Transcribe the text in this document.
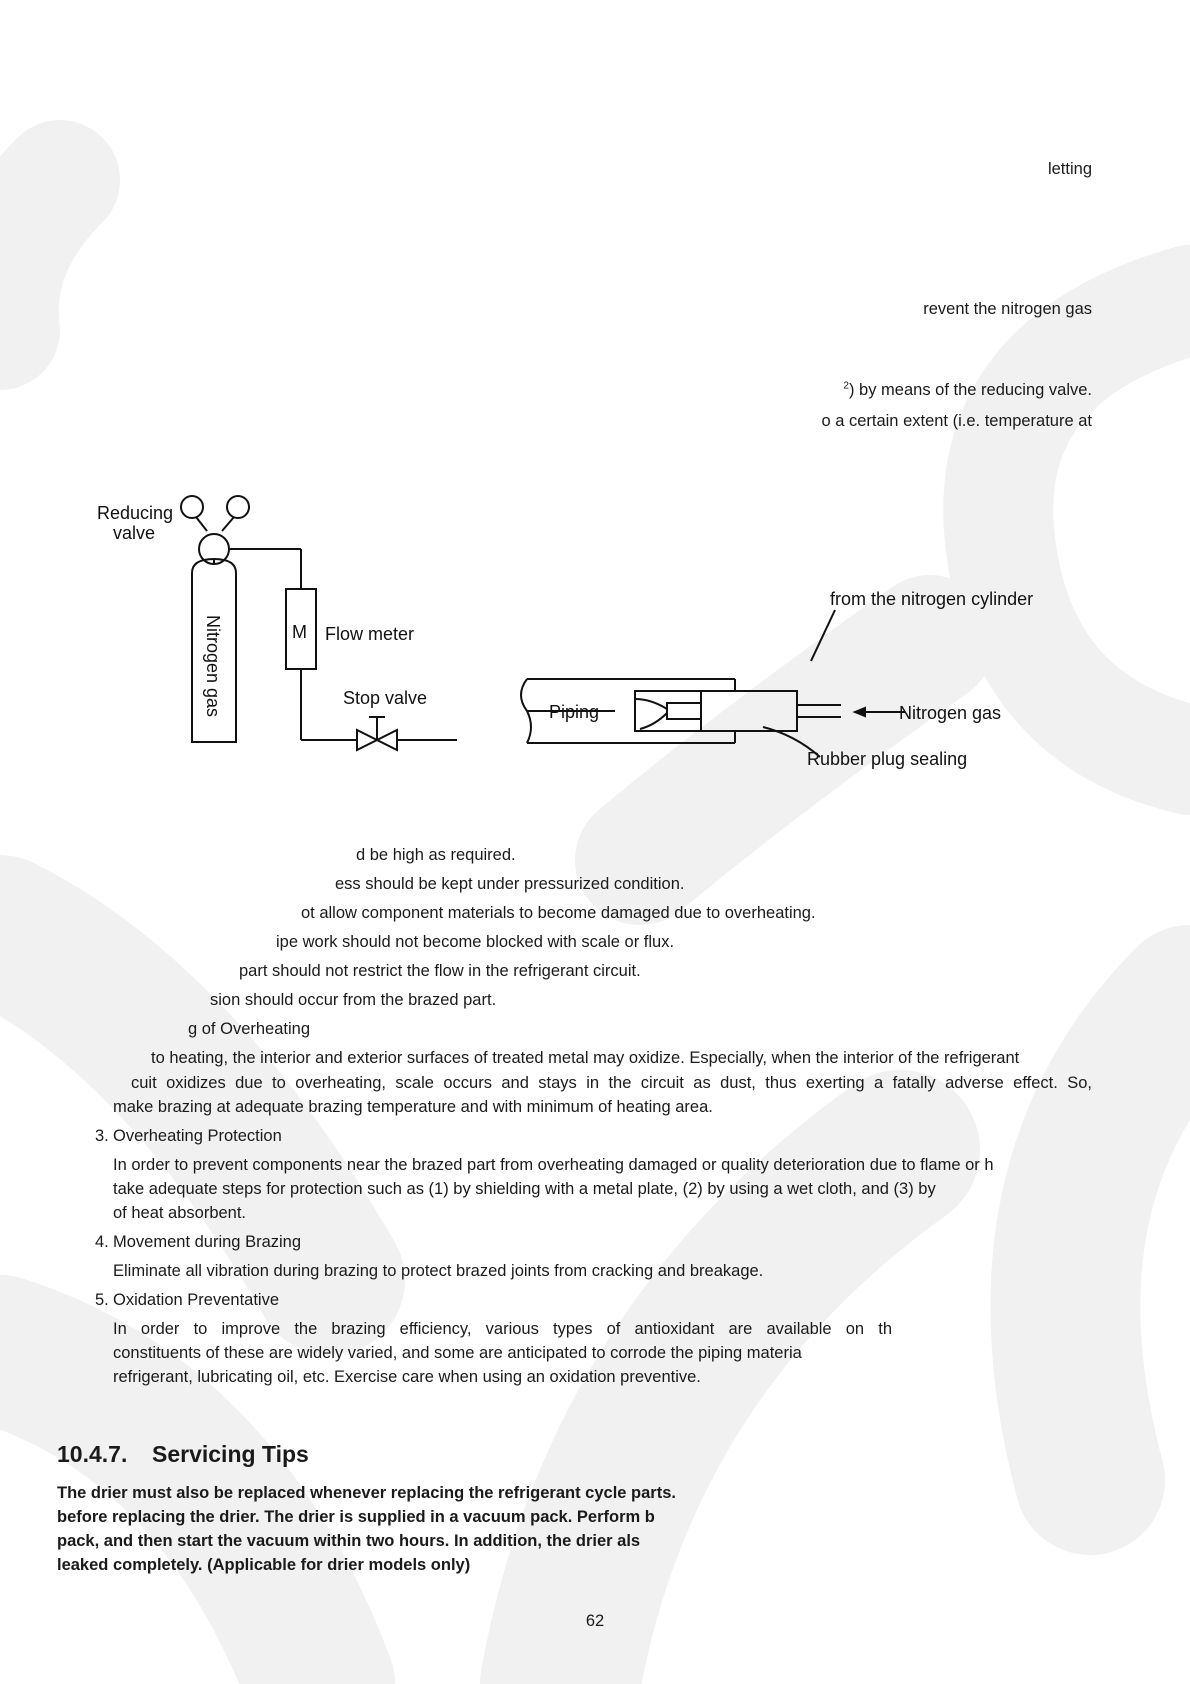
letting
revent the nitrogen gas
$^2$) by means of the reducing valve.
o a certain extent (i.e. temperature at
Reducing
valve
Nitrogen gas	M Flow meter
Stop valve
Piping
from the nitrogen cylinder
Nitrogen gas
Rubber plug sealing
d be high as required.
ess should be kept under pressurized condition.
ot allow component materials to become damaged due to overheating.
ipe work should not become blocked with scale or flux.
part should not restrict the flow in the refrigerant circuit.
sion should occur from the brazed part.
g of Overheating
to heating, the interior and exterior surfaces of treated metal may oxidize. Especially, when the interior of the refrigerant
cuit oxidizes due to overheating, scale occurs and stays in the circuit as dust, thus exerting a fatally adverse effect. So,
make brazing at adequate brazing temperature and with minimum of heating area.
3. Overheating Protection
In order to prevent components near the brazed part from overheating damaged or quality deterioration due to flame or h
take adequate steps for protection such as (1) by shielding with a metal plate, (2) by using a wet cloth, and (3) by
of heat absorbent.
4. Movement during Brazing
Eliminate all vibration during brazing to protect brazed joints from cracking and breakage.
5. Oxidation Preventative
In order to improve the brazing efficiency, various types of antioxidant are available on th
constituents of these are widely varied, and some are anticipated to corrode the piping materia
refrigerant, lubricating oil, etc. Exercise care when using an oxidation preventive.
10.4.7. Servicing Tips
The drier must also be replaced whenever replacing the refrigerant cycle parts.
before replacing the drier. The drier is supplied in a vacuum pack. Perform b
pack, and then start the vacuum within two hours. In addition, the drier als
leaked completely. (Applicable for drier models only)
62
